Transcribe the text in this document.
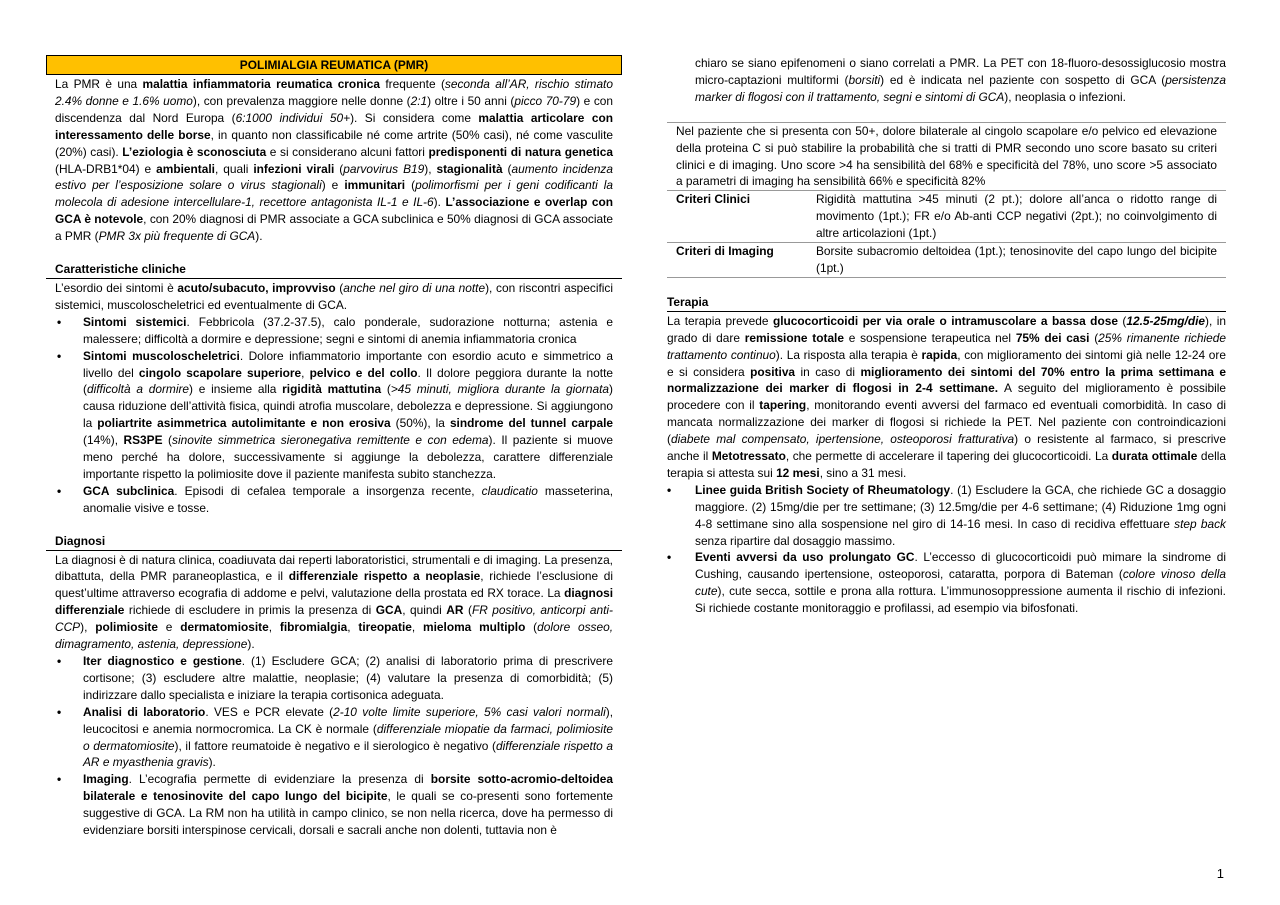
POLIMIALGIA REUMATICA (PMR)

La PMR è una malattia infiammatoria reumatica cronica frequente (seconda all’AR, rischio stimato 2.4% donne e 1.6% uomo), con prevalenza maggiore nelle donne (2:1) oltre i 50 anni (picco 70-79) e con discendenza dal Nord Europa (6:1000 individui 50+). Si considera come malattia articolare con interessamento delle borse, in quanto non classificabile né come artrite (50% casi), né come vasculite (20%) casi). L’eziologia è sconosciuta e si considerano alcuni fattori predisponenti di natura genetica (HLA-DRB1*04) e ambientali, quali infezioni virali (parvovirus B19), stagionalità (aumento incidenza estivo per l’esposizione solare o virus stagionali) e immunitari (polimorfismi per i geni codificanti la molecola di adesione intercellulare-1, recettore antagonista IL-1 e IL-6). L’associazione e overlap con GCA è notevole, con 20% diagnosi di PMR associate a GCA subclinica e 50% diagnosi di GCA associate a PMR (PMR 3x più frequente di GCA).

Caratteristiche cliniche

L’esordio dei sintomi è acuto/subacuto, improvviso (anche nel giro di una notte), con riscontri aspecifici sistemici, muscoloscheletrici ed eventualmente di GCA.

• Sintomi sistemici. Febbricola (37.2-37.5), calo ponderale, sudorazione notturna; astenia e malessere; difficoltà a dormire e depressione; segni e sintomi di anemia infiammatoria cronica
• Sintomi muscoloscheletrici. Dolore infiammatorio importante con esordio acuto e simmetrico a livello del cingolo scapolare superiore, pelvico e del collo. Il dolore peggiora durante la notte (difficoltà a dormire) e insieme alla rigidità mattutina (>45 minuti, migliora durante la giornata) causa riduzione dell’attività fisica, quindi atrofia muscolare, debolezza e depressione. Si aggiungono la poliartrite asimmetrica autolimitante e non erosiva (50%), la sindrome del tunnel carpale (14%), RS3PE (sinovite simmetrica sieronegativa remittente e con edema). Il paziente si muove meno perché ha dolore, successivamente si aggiunge la debolezza, carattere differenziale importante rispetto la polimiosite dove il paziente manifesta subito stanchezza.
• GCA subclinica. Episodi di cefalea temporale a insorgenza recente, claudicatio masseterina, anomalie visive e tosse.
Diagnosi

La diagnosi è di natura clinica, coadiuvata dai reperti laboratoristici, strumentali e di imaging. La presenza, dibattuta, della PMR paraneoplastica, e il differenziale rispetto a neoplasie, richiede l’esclusione di quest’ultime attraverso ecografia di addome e pelvi, valutazione della prostata ed RX torace. La diagnosi differenziale richiede di escludere in primis la presenza di GCA, quindi AR (FR positivo, anticorpi anti-CCP), polimiosite e dermatomiosite, fibromialgia, tireopatie, mieloma multiplo (dolore osseo, dimagramento, astenia, depressione).

• Iter diagnostico e gestione. (1) Escludere GCA; (2) analisi di laboratorio prima di prescrivere cortisone; (3) escludere altre malattie, neoplasie; (4) valutare la presenza di comorbidità; (5) indirizzare dallo specialista e iniziare la terapia cortisonica adeguata.
• Analisi di laboratorio. VES e PCR elevate (2-10 volte limite superiore, 5% casi valori normali), leucocitosi e anemia normocromica. La CK è normale (differenziale miopatie da farmaci, polimiosite o dermatomiosite), il fattore reumatoide è negativo e il sierologico è negativo (differenziale rispetto a AR e myasthenia gravis).
• Imaging. L’ecografia permette di evidenziare la presenza di borsite sotto-acromio-deltoidea bilaterale e tenosinovite del capo lungo del bicipite, le quali se co-presenti sono fortemente suggestive di GCA. La RM non ha utilità in campo clinico, se non nella ricerca, dove ha permesso di evidenziare borsiti interspinose cervicali, dorsali e sacrali anche non dolenti, tuttavia non è

chiaro se siano epifenomeni o siano correlati a PMR. La PET con 18-fluoro-desossiglucosio mostra micro-captazioni multiformi (borsiti) ed è indicata nel paziente con sospetto di GCA (persistenza marker di flogosi con il trattamento, segni e sintomi di GCA), neoplasia o infezioni.

Nel paziente che si presenta con 50+, dolore bilaterale al cingolo scapolare e/o pelvico ed elevazione della proteina C si può stabilire la probabilità che si tratti di PMR secondo uno score basato su criteri clinici e di imaging. Uno score >4 ha sensibilità del 68% e specificità del 78%, uno score >5 associato a parametri di imaging ha sensibilità 66% e specificità 82%

Criteri Clinici	Rigidità mattutina >45 minuti (2 pt.); dolore all’anca o ridotto range di movimento (1pt.); FR e/o Ab-anti CCP negativi (2pt.); no coinvolgimento di altre articolazioni (1pt.)
Criteri di Imaging	Borsite subacromio deltoidea (1pt.); tenosinovite del capo lungo del bicipite (1pt.)
Terapia

La terapia prevede glucocorticoidi per via orale o intramuscolare a bassa dose (12.5-25mg/die), in grado di dare remissione totale e sospensione terapeutica nel 75% dei casi (25% rimanente richiede trattamento continuo). La risposta alla terapia è rapida, con miglioramento dei sintomi già nelle 12-24 ore e si considera positiva in caso di miglioramento dei sintomi del 70% entro la prima settimana e normalizzazione dei marker di flogosi in 2-4 settimane. A seguito del miglioramento è possibile procedere con il tapering, monitorando eventi avversi del farmaco ed eventuali comorbidità. In caso di mancata normalizzazione dei marker di flogosi si richiede la PET. Nel paziente con controindicazioni (diabete mal compensato, ipertensione, osteoporosi fratturativa) o resistente al farmaco, si prescrive anche il Metotressato, che permette di accelerare il tapering dei glucocorticoidi. La durata ottimale della terapia si attesta sui 12 mesi, sino a 31 mesi.

• Linee guida British Society of Rheumatology. (1) Escludere la GCA, che richiede GC a dosaggio maggiore. (2) 15mg/die per tre settimane; (3) 12.5mg/die per 4-6 settimane; (4) Riduzione 1mg ogni 4-8 settimane sino alla sospensione nel giro di 14-16 mesi. In caso di recidiva effettuare step back senza ripartire dal dosaggio massimo.
• Eventi avversi da uso prolungato GC. L’eccesso di glucocorticoidi può mimare la sindrome di Cushing, causando ipertensione, osteoporosi, cataratta, porpora di Bateman (colore vinoso della cute), cute secca, sottile e prona alla rottura. L’immunosoppressione aumenta il rischio di infezioni. Si richiede costante monitoraggio e profilassi, ad esempio via bifosfonati.
1
